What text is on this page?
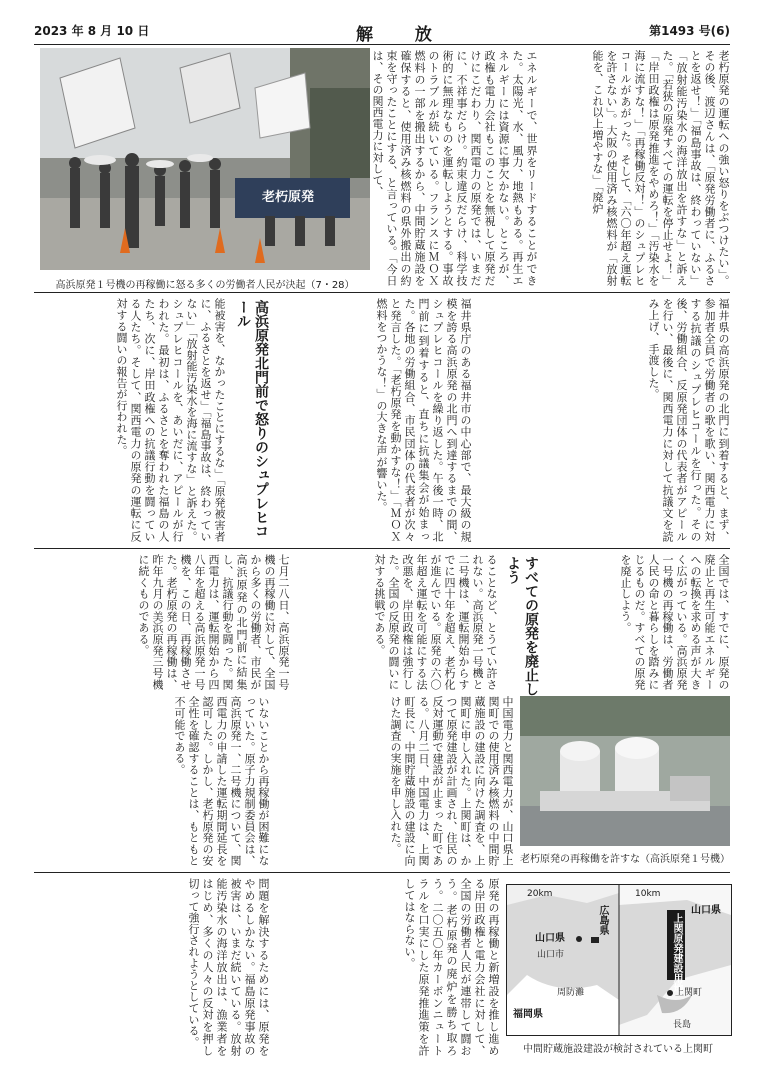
2023 年 8 月 10 日	解 放	第1493 号(6)
老朽原発
高浜原発１号機の再稼働に怒る多くの労働者人民が決起（7・28）	エネルギーで、世界をリードすることができた。太陽光、水、風力、地熱もある。再生エネルギーには資源に事欠かない。ところが、政権も電力会社もこのことを無視して原発だけにこだわり、関西電力の原発では、いまだに、不祥事だらけ。約束違反だらけ、科学技術的に無理なものを運転しようとする。事故のトラブルが続いている。フランスにＭＯＸ燃料の一部を搬出するから、中間貯蔵施設を確保すると、使用済み核燃料の県外搬出の約束を守ったことにする、と言っている。「今日は、その関西電力に対して、	老朽原発の運転への強い怒りをぶつけたい」。その後、渡辺さんは、「原発労働者に、ふるさとを返せ！」「福島事故は、終わっていない」「放射能汚染水の海洋放出を許すな」と訴えた。「若狭の原発すべての運転を停止せよ！」「岸田政権は原発推進をやめろ！」「汚染水を海に流すな！」「再稼働反対！」のシュプレヒコールがあがった。そして、「六〇年超え運転を許さない」。大阪の使用済み核燃料が「放射能を、これ以上増やすな」「廃炉
能被害を、なかったことにするな」「原発被害者に、ふるさとを返せ」「福島事故は、終わっていない」「放射能汚染水を海に流すな」と訴えた。シュプレヒコールを、あいだに、アピールが行われた。最初は、ふるさとを奪われた福島の人たち、次に、岸田政権への抗議行動を闘っている人たち。そして、関西電力の原発の運転に反対する闘いの報告が行われた。	高浜原発北門前で怒りのシュプレヒコール	福井県庁のある福井市の中心部で、最大級の規模を誇る高浜原発の北門へ到達するまでの間、シュプレヒコールを繰り返した。午後一時、北門前に到着すると、直ちに抗議集会が始まった。各地の労働組合、市民団体の代表者が次々と発言した。「老朽原発を動かすな！」「ＭＯＸ燃料をつかうな！」の大きな声が響いた。	福井県の高浜原発の北門に到着すると、まず、参加者全員で労働者の歌を歌い、関西電力に対する抗議のシュプレヒコールを行った。その後、労働組合、反原発団体の代表者がアピールを行い、最後に、関西電力に対して抗議文を読み上げ、手渡した。
七月二八日、高浜原発一号機の再稼働に対して、全国から多くの労働者、市民が高浜原発の北門前に結集し、抗議行動を闘った。関西電力は、運転開始から四八年を超える高浜原発一号機を、この日、再稼働させた。老朽原発の再稼働は、昨年九月の美浜原発三号機に続くものである。	ることなど、とうてい許されない。高浜原発一号機と二号機は、運転開始からすでに四十年を超え、老朽化が進んでいる。原発の六〇年超え運転を可能にする法改悪を、岸田政権は強行した。全国の反原発の闘いに対する挑戦である。	すべての原発を廃止しよう	全国では、すでに、原発の廃止と再生可能エネルギーへの転換を求める声が大きく広がっている。高浜原発一号機の再稼働は、労働者人民の命と暮らしを踏みにじるものだ。すべての原発を廃止しよう。
老朽原発の再稼働を許すな（高浜原発１号機）
いないことから再稼働が困難になっていた。原子力規制委員会は、高浜原発一、二号機について、関西電力の申請した運転期間延長を認可した。しかし、老朽原発の安全性を確認することは、もともと不可能である。	中国電力と関西電力が、山口県上関町での使用済み核燃料の中間貯蔵施設の建設に向けた調査を、上関町に申し入れた。上関町は、かつて原発建設が計画され、住民の反対運動で建設が止まった町である。八月二日、中国電力は、上関町長に、中間貯蔵施設の建設に向けた調査の実施を申し入れた。
問題を解決するためには、原発をやめるしかない。福島原発事故の被害は、いまだ続いている。放射能汚染水の海洋放出は、漁業者をはじめ、多くの人々の反対を押し切って強行されようとしている。	原発の再稼働と新増設を推し進める岸田政権と電力会社に対して、全国の労働者人民が連帯して闘おう。老朽原発の廃炉を勝ち取ろう。二〇五〇年カーボンニュートラルを口実にした原発推進策を許してはならない。	20km	10km
広島県
山口県
山口市
周防灘
福岡県
山口県
上関原発建設用地
上関町
長島
中間貯蔵施設建設が検討されている上関町
